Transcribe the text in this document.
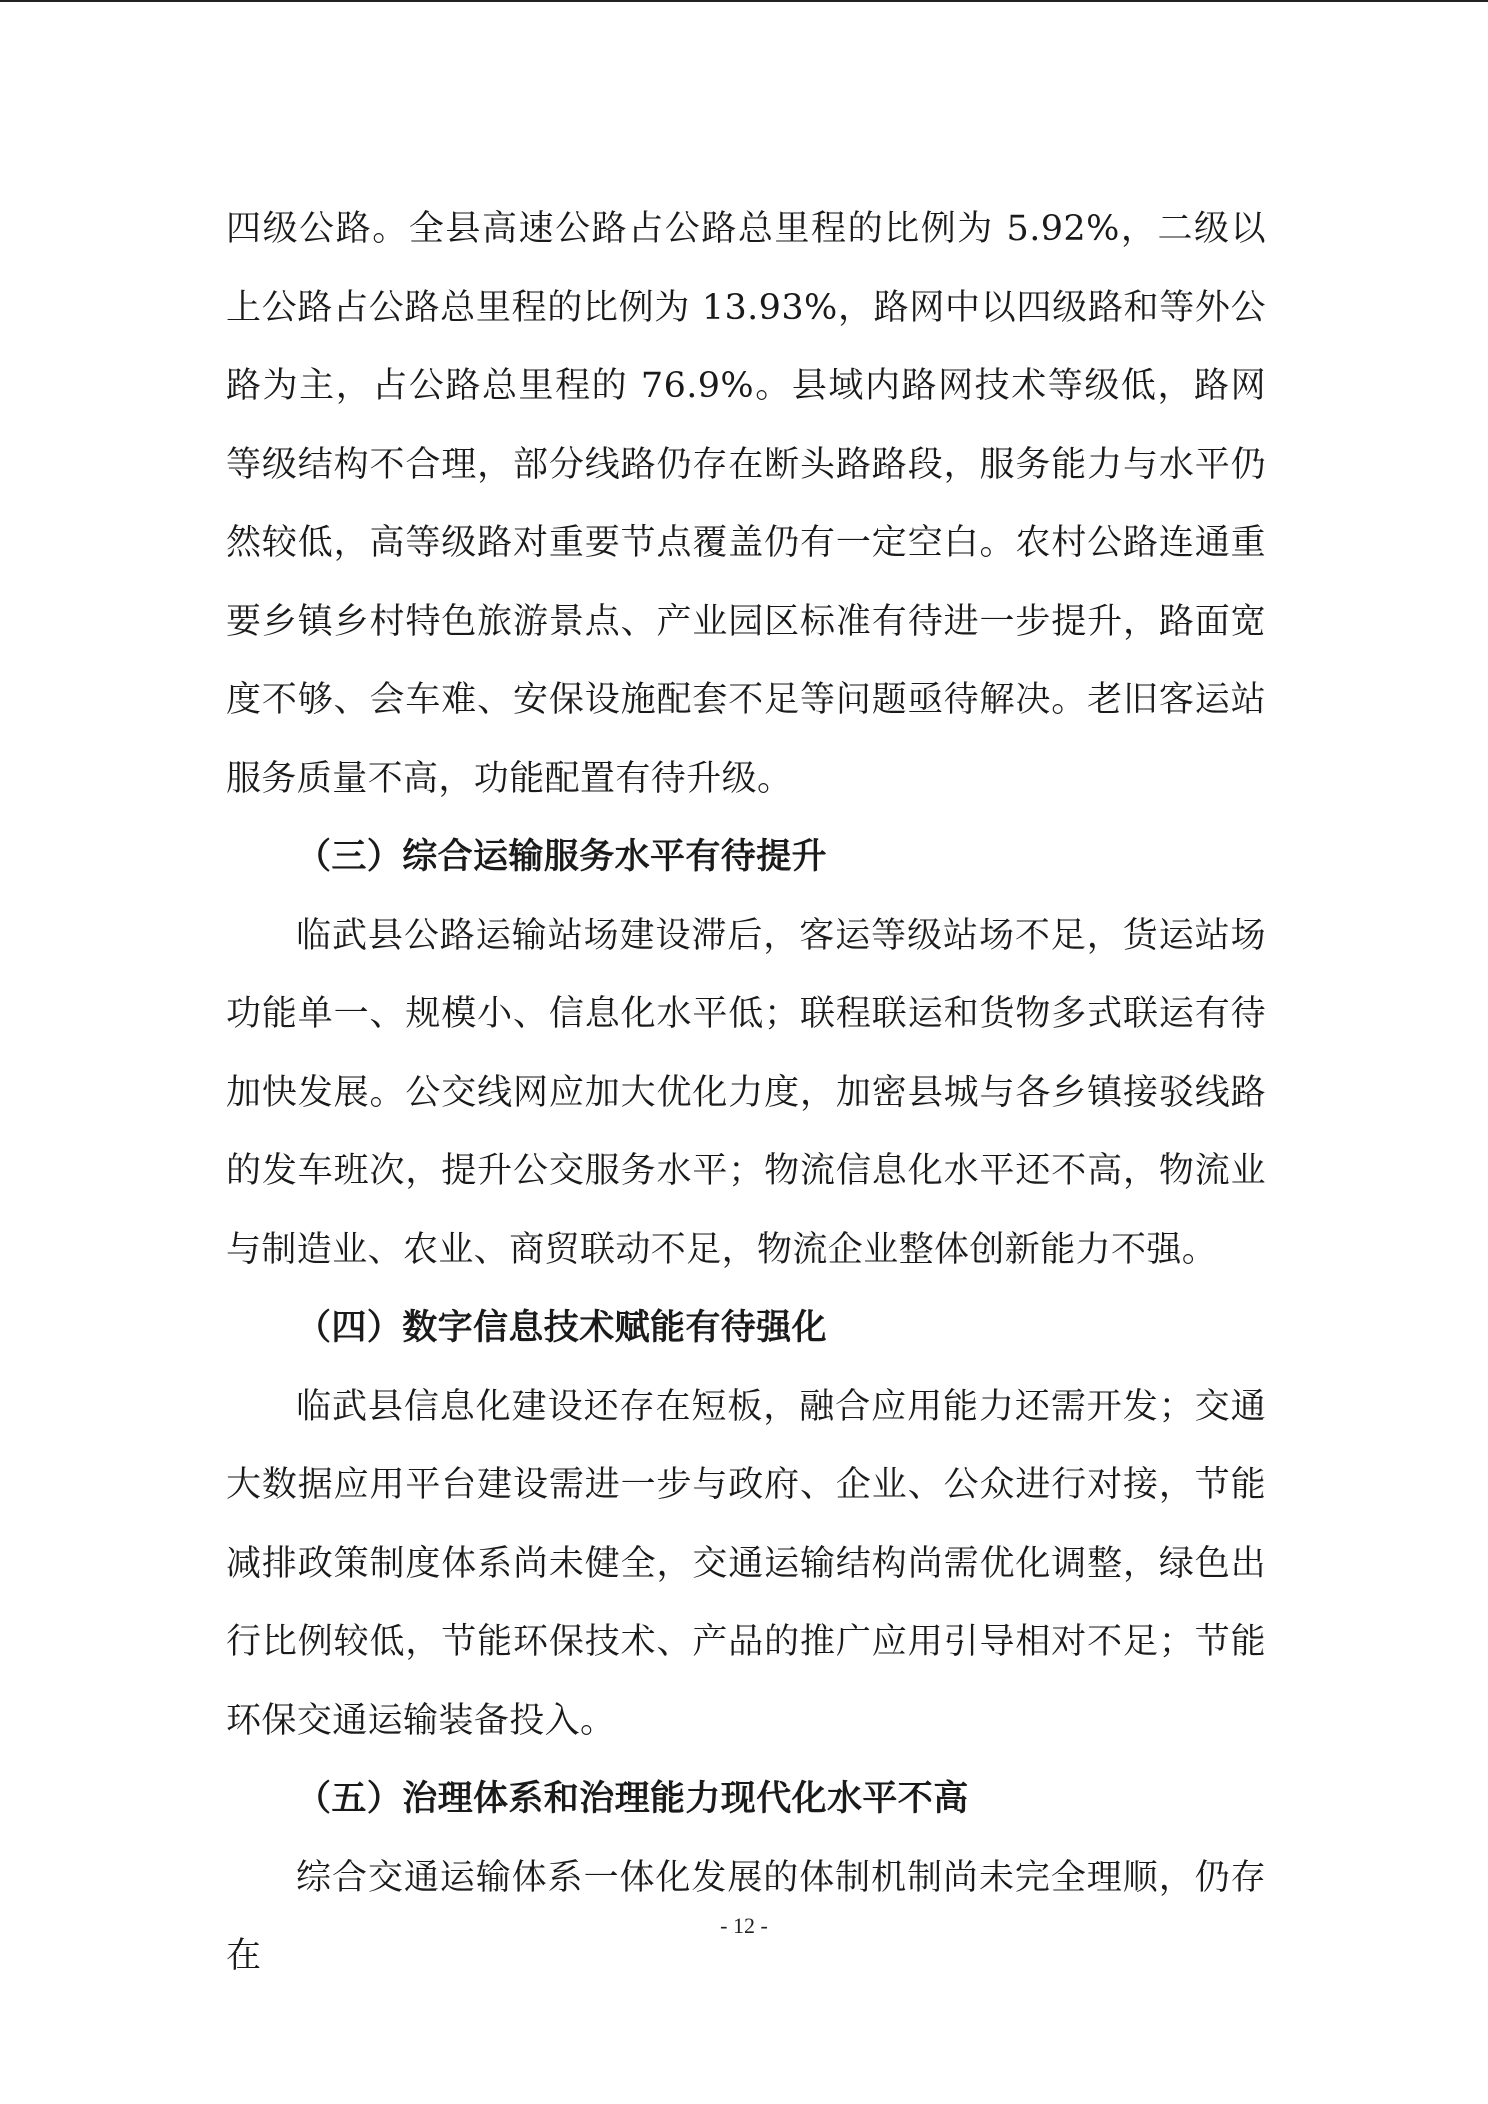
四级公路。全县高速公路占公路总里程的比例为 5.92%，二级以上公路占公路总里程的比例为 13.93%，路网中以四级路和等外公路为主，占公路总里程的 76.9%。县域内路网技术等级低，路网等级结构不合理，部分线路仍存在断头路路段，服务能力与水平仍然较低，高等级路对重要节点覆盖仍有一定空白。农村公路连通重要乡镇乡村特色旅游景点、产业园区标准有待进一步提升，路面宽度不够、会车难、安保设施配套不足等问题亟待解决。老旧客运站服务质量不高，功能配置有待升级。

（三）综合运输服务水平有待提升

临武县公路运输站场建设滞后，客运等级站场不足，货运站场功能单一、规模小、信息化水平低；联程联运和货物多式联运有待加快发展。公交线网应加大优化力度，加密县城与各乡镇接驳线路的发车班次，提升公交服务水平；物流信息化水平还不高，物流业与制造业、农业、商贸联动不足，物流企业整体创新能力不强。

（四）数字信息技术赋能有待强化

临武县信息化建设还存在短板，融合应用能力还需开发；交通大数据应用平台建设需进一步与政府、企业、公众进行对接，节能减排政策制度体系尚未健全，交通运输结构尚需优化调整，绿色出行比例较低，节能环保技术、产品的推广应用引导相对不足；节能环保交通运输装备投入。

（五）治理体系和治理能力现代化水平不高

综合交通运输体系一体化发展的体制机制尚未完全理顺，仍存在

- 12 -
